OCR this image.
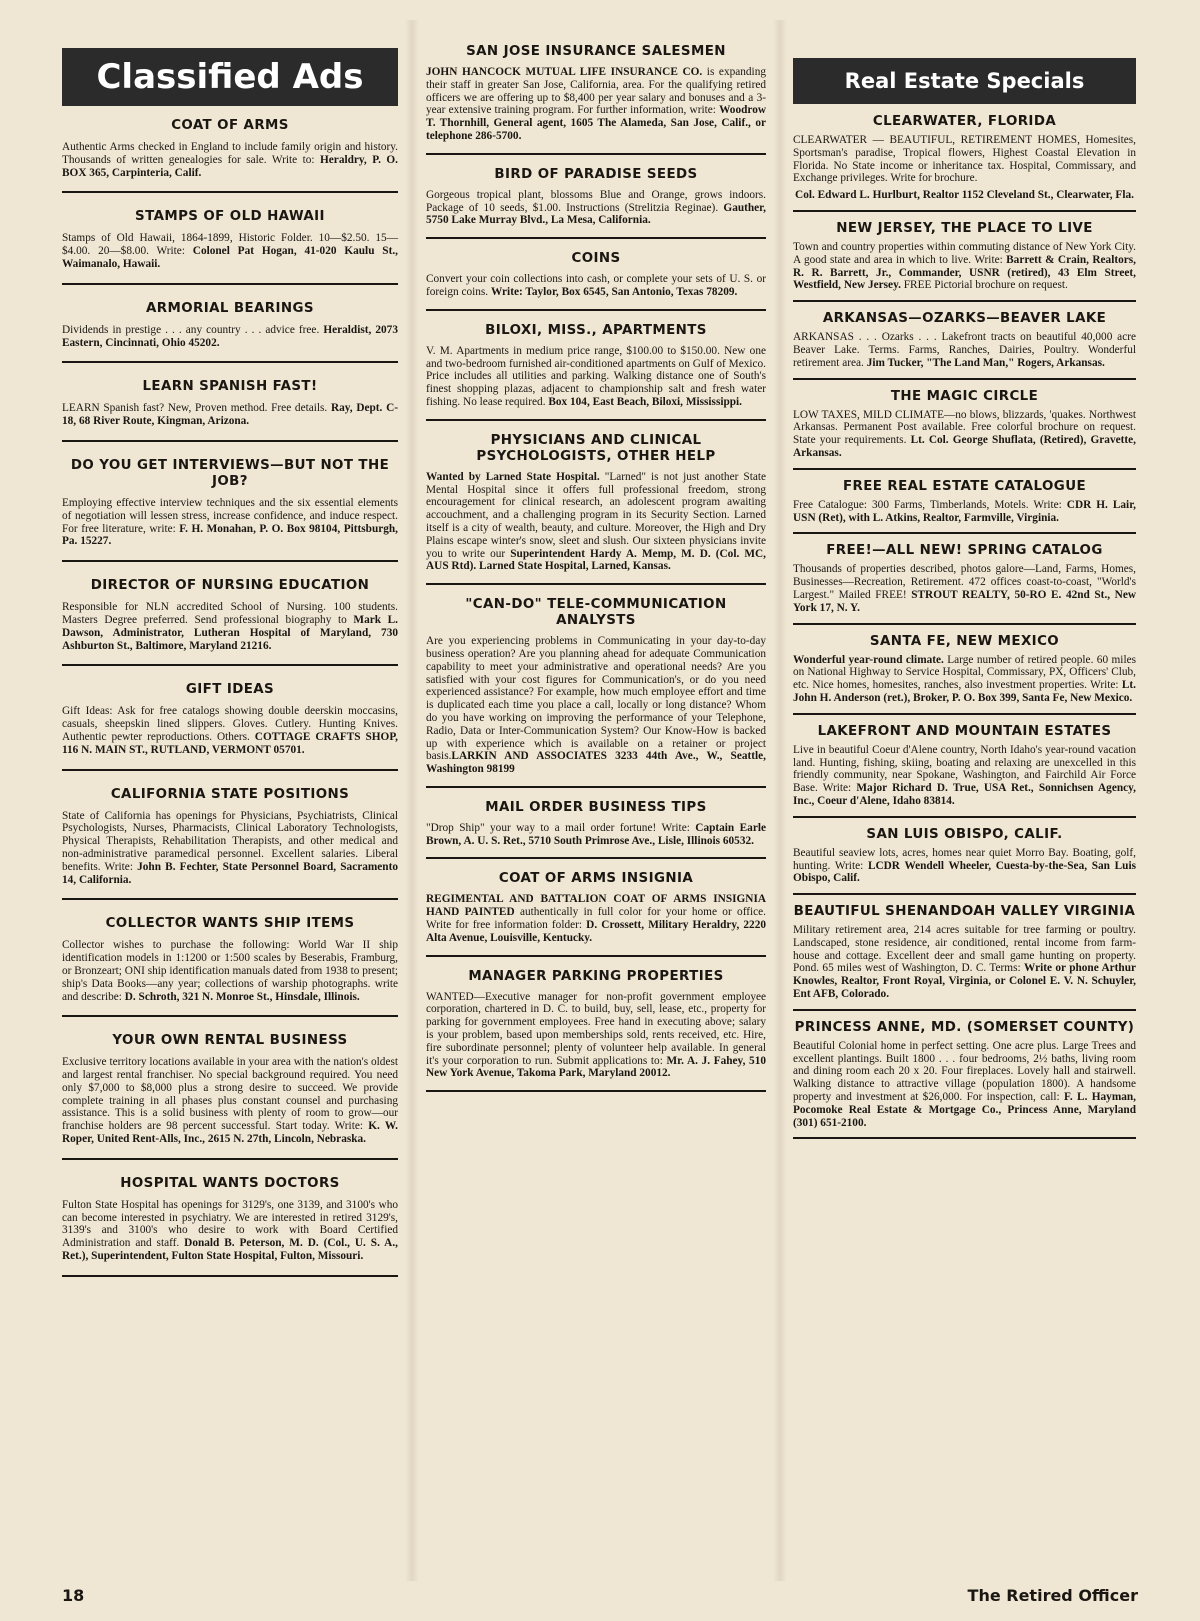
Classified Ads
COAT OF ARMS

Authentic Arms checked in England to include family origin and history. Thousands of written genealogies for sale. Write to: Heraldry, P. O. BOX 365, Carpinteria, Calif.

STAMPS OF OLD HAWAII

Stamps of Old Hawaii, 1864-1899, Historic Folder. 10—$2.50. 15—$4.00. 20—$8.00. Write: Colonel Pat Hogan, 41-020 Kaulu St., Waimanalo, Hawaii.

ARMORIAL BEARINGS

Dividends in prestige . . . any country . . . advice free. Heraldist, 2073 Eastern, Cincinnati, Ohio 45202.

LEARN SPANISH FAST!

LEARN Spanish fast? New, Proven method. Free details. Ray, Dept. C-18, 68 River Route, Kingman, Arizona.

DO YOU GET INTERVIEWS—BUT NOT THE JOB?

Employing effective interview techniques and the six essential elements of negotiation will lessen stress, increase confidence, and induce respect. For free literature, write: F. H. Monahan, P. O. Box 98104, Pittsburgh, Pa. 15227.

DIRECTOR OF NURSING EDUCATION

Responsible for NLN accredited School of Nursing. 100 students. Masters Degree preferred. Send professional biography to Mark L. Dawson, Administrator, Lutheran Hospital of Maryland, 730 Ashburton St., Baltimore, Maryland 21216.

GIFT IDEAS

Gift Ideas: Ask for free catalogs showing double deerskin moccasins, casuals, sheepskin lined slippers. Gloves. Cutlery. Hunting Knives. Authentic pewter reproductions. Others. COTTAGE CRAFTS SHOP, 116 N. MAIN ST., RUTLAND, VERMONT 05701.

CALIFORNIA STATE POSITIONS

State of California has openings for Physicians, Psychiatrists, Clinical Psychologists, Nurses, Pharmacists, Clinical Laboratory Technologists, Physical Therapists, Rehabilitation Therapists, and other medical and non-administrative paramedical personnel. Excellent salaries. Liberal benefits. Write: John B. Fechter, State Personnel Board, Sacramento 14, California.

COLLECTOR WANTS SHIP ITEMS

Collector wishes to purchase the following: World War II ship identification models in 1:1200 or 1:500 scales by Beserabis, Framburg, or Bronzeart; ONI ship identification manuals dated from 1938 to present; ship's Data Books—any year; collections of warship photographs. write and describe: D. Schroth, 321 N. Monroe St., Hinsdale, Illinois.

YOUR OWN RENTAL BUSINESS

Exclusive territory locations available in your area with the nation's oldest and largest rental franchiser. No special background required. You need only $7,000 to $8,000 plus a strong desire to succeed. We provide complete training in all phases plus constant counsel and purchasing assistance. This is a solid business with plenty of room to grow—our franchise holders are 98 percent successful. Start today. Write: K. W. Roper, United Rent-Alls, Inc., 2615 N. 27th, Lincoln, Nebraska.

HOSPITAL WANTS DOCTORS

Fulton State Hospital has openings for 3129's, one 3139, and 3100's who can become interested in psychiatry. We are interested in retired 3129's, 3139's and 3100's who desire to work with Board Certified Administration and staff. Donald B. Peterson, M. D. (Col., U. S. A., Ret.), Superintendent, Fulton State Hospital, Fulton, Missouri.

SAN JOSE INSURANCE SALESMEN

JOHN HANCOCK MUTUAL LIFE INSURANCE CO. is expanding their staff in greater San Jose, California, area. For the qualifying retired officers we are offering up to $8,400 per year salary and bonuses and a 3-year extensive training program. For further information, write: Woodrow T. Thornhill, General agent, 1605 The Alameda, San Jose, Calif., or telephone 286-5700.

BIRD OF PARADISE SEEDS

Gorgeous tropical plant, blossoms Blue and Orange, grows indoors. Package of 10 seeds, $1.00. Instructions (Strelitzia Reginae). Gauther, 5750 Lake Murray Blvd., La Mesa, California.

COINS

Convert your coin collections into cash, or complete your sets of U. S. or foreign coins. Write: Taylor, Box 6545, San Antonio, Texas 78209.

BILOXI, MISS., APARTMENTS

V. M. Apartments in medium price range, $100.00 to $150.00. New one and two-bedroom furnished air-conditioned apartments on Gulf of Mexico. Price includes all utilities and parking. Walking distance one of South's finest shopping plazas, adjacent to championship salt and fresh water fishing. No lease required. Box 104, East Beach, Biloxi, Mississippi.

PHYSICIANS AND CLINICAL PSYCHOLOGISTS, OTHER HELP

Wanted by Larned State Hospital. "Larned" is not just another State Mental Hospital since it offers full professional freedom, strong encouragement for clinical research, an adolescent program awaiting accouchment, and a challenging program in its Security Section. Larned itself is a city of wealth, beauty, and culture. Moreover, the High and Dry Plains escape winter's snow, sleet and slush. Our sixteen physicians invite you to write our Superintendent Hardy A. Memp, M. D. (Col. MC, AUS Rtd). Larned State Hospital, Larned, Kansas.

"CAN-DO" TELE-COMMUNICATION ANALYSTS

Are you experiencing problems in Communicating in your day-to-day business operation? Are you planning ahead for adequate Communication capability to meet your administrative and operational needs? Are you satisfied with your cost figures for Communication's, or do you need experienced assistance? For example, how much employee effort and time is duplicated each time you place a call, locally or long distance? Whom do you have working on improving the performance of your Telephone, Radio, Data or Inter-Communication System? Our Know-How is backed up with experience which is available on a retainer or project basis.LARKIN AND ASSOCIATES 3233 44th Ave., W., Seattle, Washington 98199

MAIL ORDER BUSINESS TIPS

"Drop Ship" your way to a mail order fortune! Write: Captain Earle Brown, A. U. S. Ret., 5710 South Primrose Ave., Lisle, Illinois 60532.

COAT OF ARMS INSIGNIA

REGIMENTAL AND BATTALION COAT OF ARMS INSIGNIA HAND PAINTED authentically in full color for your home or office. Write for free information folder: D. Crossett, Military Heraldry, 2220 Alta Avenue, Louisville, Kentucky.

MANAGER PARKING PROPERTIES

WANTED—Executive manager for non-profit government employee corporation, chartered in D. C. to build, buy, sell, lease, etc., property for parking for government employees. Free hand in executing above; salary is your problem, based upon memberships sold, rents received, etc. Hire, fire subordinate personnel; plenty of volunteer help available. In general it's your corporation to run. Submit applications to: Mr. A. J. Fahey, 510 New York Avenue, Takoma Park, Maryland 20012.

Real Estate Specials
CLEARWATER, FLORIDA

CLEARWATER — BEAUTIFUL, RETIREMENT HOMES, Homesites, Sportsman's paradise, Tropical flowers, Highest Coastal Elevation in Florida. No State income or inheritance tax. Hospital, Commissary, and Exchange privileges. Write for brochure.

Col. Edward L. Hurlburt, Realtor 1152 Cleveland St., Clearwater, Fla.

NEW JERSEY, THE PLACE TO LIVE

Town and country properties within commuting distance of New York City. A good state and area in which to live. Write: Barrett & Crain, Realtors, R. R. Barrett, Jr., Commander, USNR (retired), 43 Elm Street, Westfield, New Jersey. FREE Pictorial brochure on request.

ARKANSAS—OZARKS—BEAVER LAKE

ARKANSAS . . . Ozarks . . . Lakefront tracts on beautiful 40,000 acre Beaver Lake. Terms. Farms, Ranches, Dairies, Poultry. Wonderful retirement area. Jim Tucker, "The Land Man," Rogers, Arkansas.

THE MAGIC CIRCLE

LOW TAXES, MILD CLIMATE—no blows, blizzards, 'quakes. Northwest Arkansas. Permanent Post available. Free colorful brochure on request. State your requirements. Lt. Col. George Shuflata, (Retired), Gravette, Arkansas.

FREE REAL ESTATE CATALOGUE

Free Catalogue: 300 Farms, Timberlands, Motels. Write: CDR H. Lair, USN (Ret), with L. Atkins, Realtor, Farmville, Virginia.

FREE!—ALL NEW! SPRING CATALOG

Thousands of properties described, photos galore—Land, Farms, Homes, Businesses—Recreation, Retirement. 472 offices coast-to-coast, "World's Largest." Mailed FREE! STROUT REALTY, 50-RO E. 42nd St., New York 17, N. Y.

SANTA FE, NEW MEXICO

Wonderful year-round climate. Large number of retired people. 60 miles on National Highway to Service Hospital, Commissary, PX, Officers' Club, etc. Nice homes, homesites, ranches, also investment properties. Write: Lt. John H. Anderson (ret.), Broker, P. O. Box 399, Santa Fe, New Mexico.

LAKEFRONT AND MOUNTAIN ESTATES

Live in beautiful Coeur d'Alene country, North Idaho's year-round vacation land. Hunting, fishing, skiing, boating and relaxing are unexcelled in this friendly community, near Spokane, Washington, and Fairchild Air Force Base. Write: Major Richard D. True, USA Ret., Sonnichsen Agency, Inc., Coeur d'Alene, Idaho 83814.

SAN LUIS OBISPO, CALIF.

Beautiful seaview lots, acres, homes near quiet Morro Bay. Boating, golf, hunting. Write: LCDR Wendell Wheeler, Cuesta-by-the-Sea, San Luis Obispo, Calif.

BEAUTIFUL SHENANDOAH VALLEY VIRGINIA

Military retirement area, 214 acres suitable for tree farming or poultry. Landscaped, stone residence, air conditioned, rental income from farm-house and cottage. Excellent deer and small game hunting on property. Pond. 65 miles west of Washington, D. C. Terms: Write or phone Arthur Knowles, Realtor, Front Royal, Virginia, or Colonel E. V. N. Schuyler, Ent AFB, Colorado.

PRINCESS ANNE, MD. (SOMERSET COUNTY)

Beautiful Colonial home in perfect setting. One acre plus. Large Trees and excellent plantings. Built 1800 . . . four bedrooms, 2½ baths, living room and dining room each 20 x 20. Four fireplaces. Lovely hall and stairwell. Walking distance to attractive village (population 1800). A handsome property and investment at $26,000. For inspection, call: F. L. Hayman, Pocomoke Real Estate & Mortgage Co., Princess Anne, Maryland (301) 651-2100.

18	The Retired Officer
